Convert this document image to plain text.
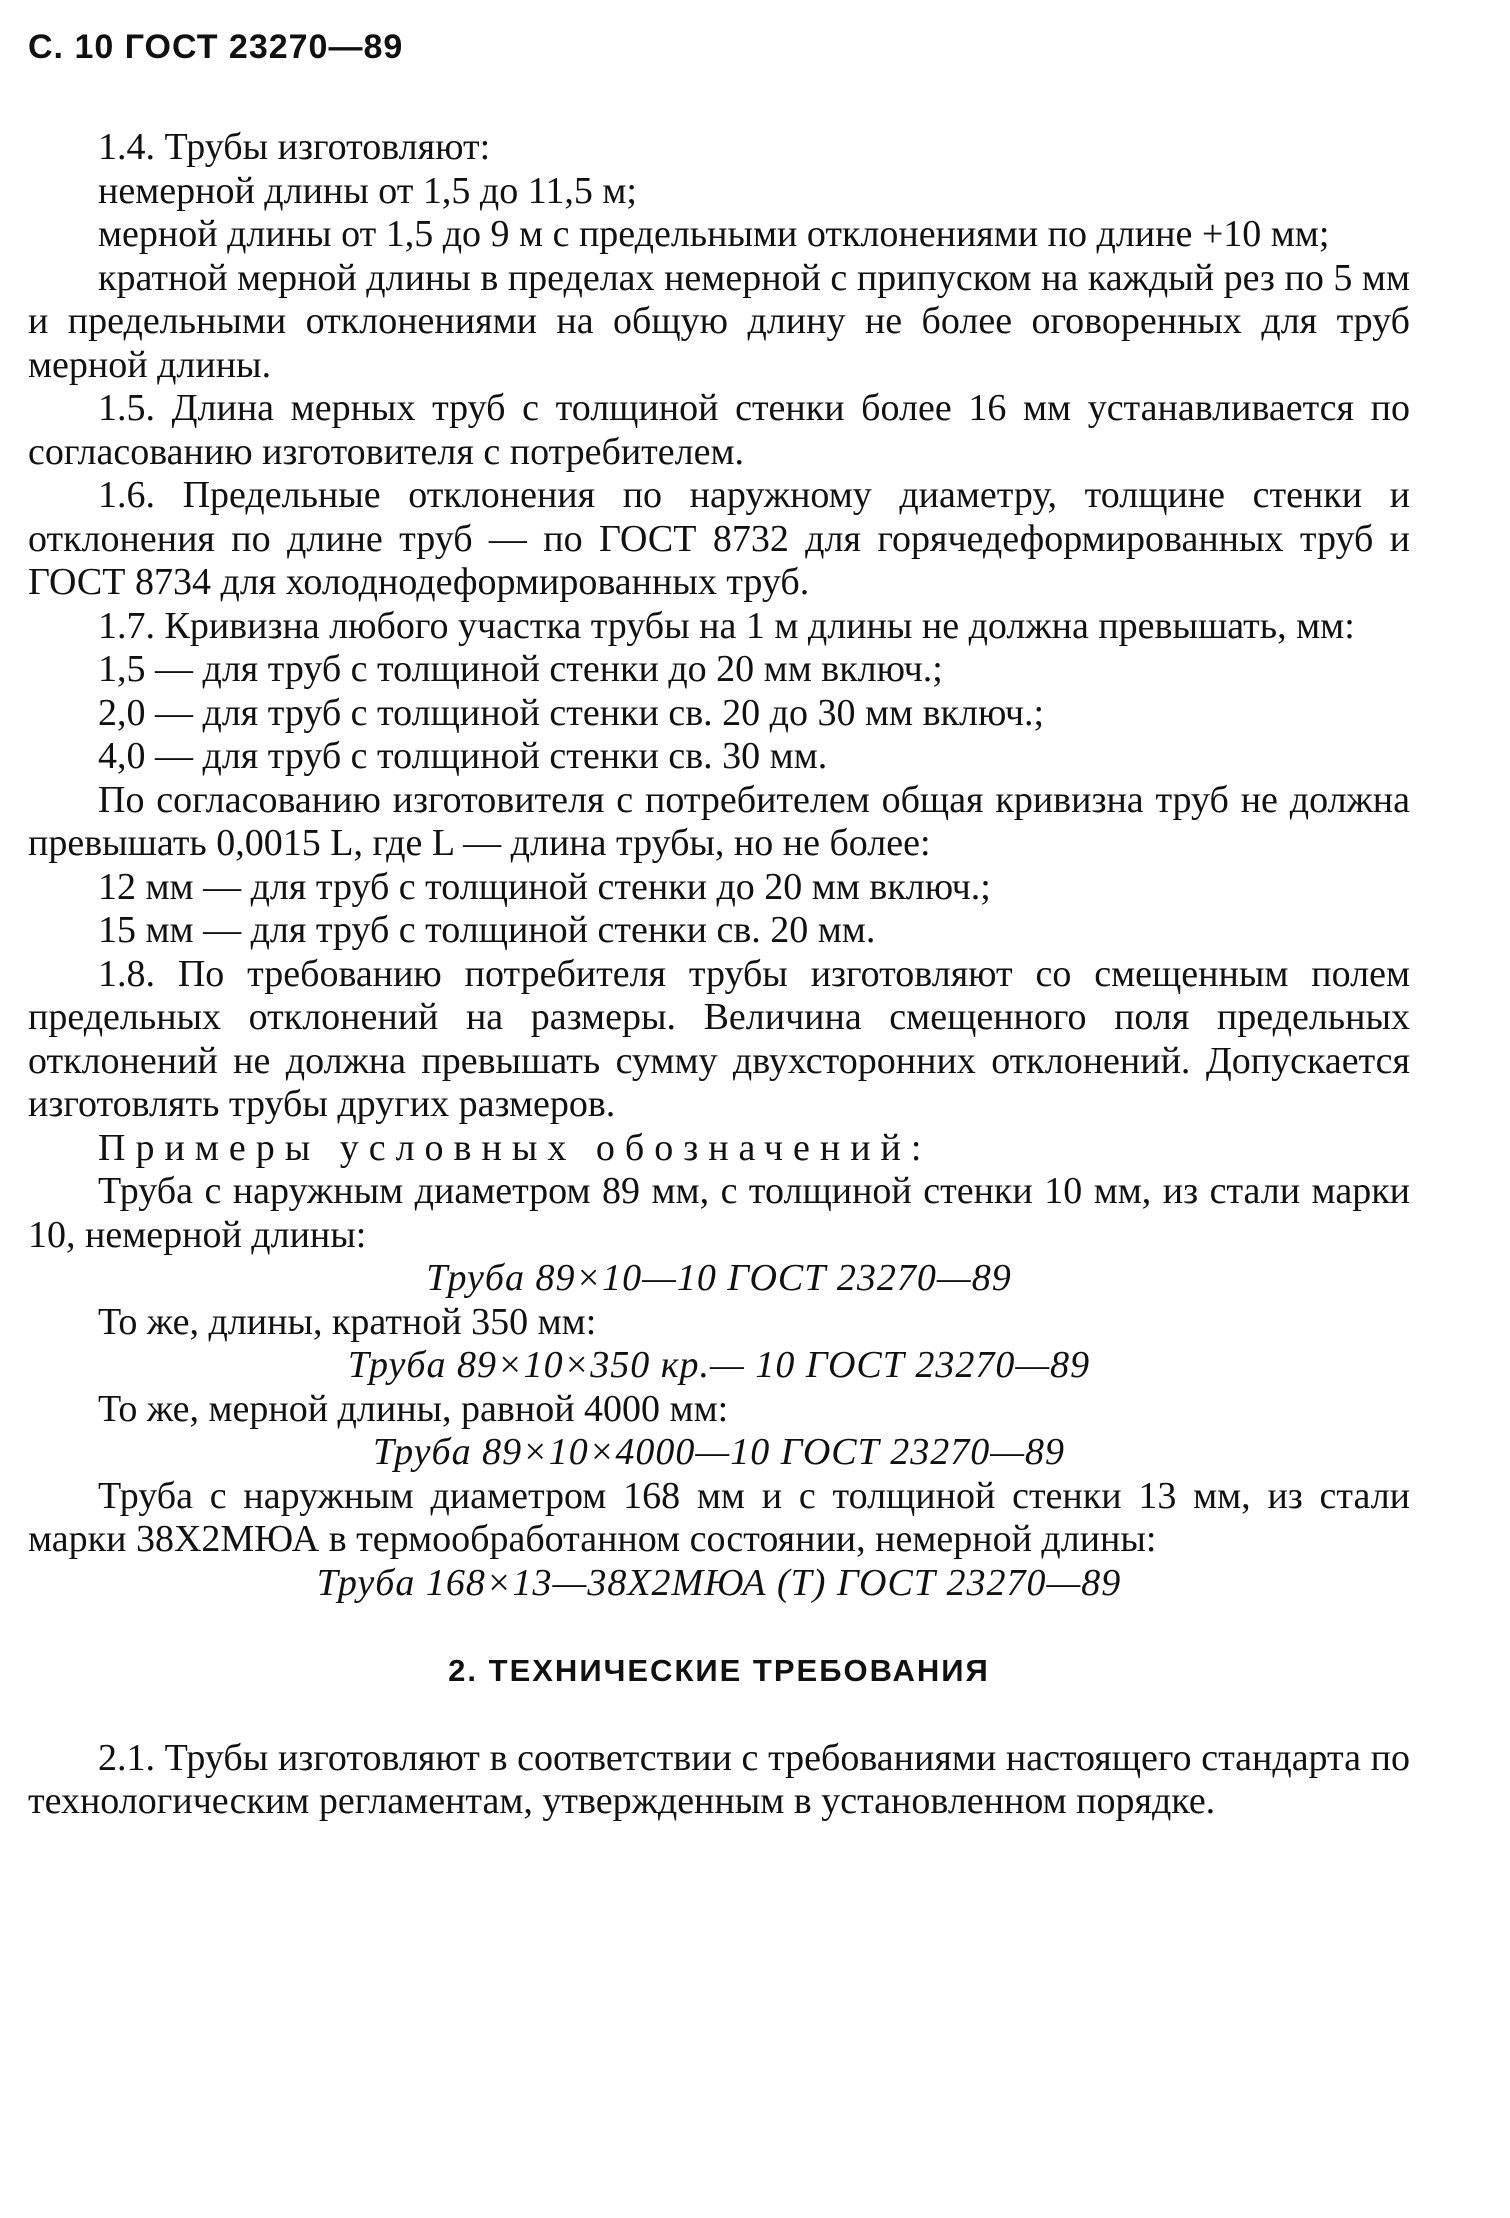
С. 10 ГОСТ 23270—89

1.4. Трубы изготовляют:

немерной длины от 1,5 до 11,5 м;

мерной длины от 1,5 до 9 м с предельными отклонениями по длине +10 мм;

кратной мерной длины в пределах немерной с припуском на каждый рез по 5 мм и предельными отклонениями на общую длину не более оговоренных для труб мерной длины.

1.5. Длина мерных труб с толщиной стенки более 16 мм устанавливается по согласованию изготовителя с потребителем.

1.6. Предельные отклонения по наружному диаметру, толщине стенки и отклонения по длине труб — по ГОСТ 8732 для горячедеформированных труб и ГОСТ 8734 для холоднодеформированных труб.

1.7. Кривизна любого участка трубы на 1 м длины не должна превышать, мм:

1,5 — для труб с толщиной стенки до 20 мм включ.;

2,0 — для труб с толщиной стенки св. 20 до 30 мм включ.;

4,0 — для труб с толщиной стенки св. 30 мм.

По согласованию изготовителя с потребителем общая кривизна труб не должна превышать 0,0015 L, где L — длина трубы, но не более:

12 мм — для труб с толщиной стенки до 20 мм включ.;

15 мм — для труб с толщиной стенки св. 20 мм.

1.8. По требованию потребителя трубы изготовляют со смещенным полем предельных отклонений на размеры. Величина смещенного поля предельных отклонений не должна превышать сумму двухсторонних отклонений. Допускается изготовлять трубы других размеров.

Примеры условных обозначений:

Труба с наружным диаметром 89 мм, с толщиной стенки 10 мм, из стали марки 10, немерной длины:

Труба 89×10—10 ГОСТ 23270—89

То же, длины, кратной 350 мм:

Труба 89×10×350 кр.— 10 ГОСТ 23270—89

То же, мерной длины, равной 4000 мм:

Труба 89×10×4000—10 ГОСТ 23270—89

Труба с наружным диаметром 168 мм и с толщиной стенки 13 мм, из стали марки 38Х2МЮА в термообработанном состоянии, немерной длины:

Труба 168×13—38Х2МЮА (Т) ГОСТ 23270—89

2. ТЕХНИЧЕСКИЕ ТРЕБОВАНИЯ

2.1. Трубы изготовляют в соответствии с требованиями настоящего стандарта по технологическим регламентам, утвержденным в установленном порядке.
